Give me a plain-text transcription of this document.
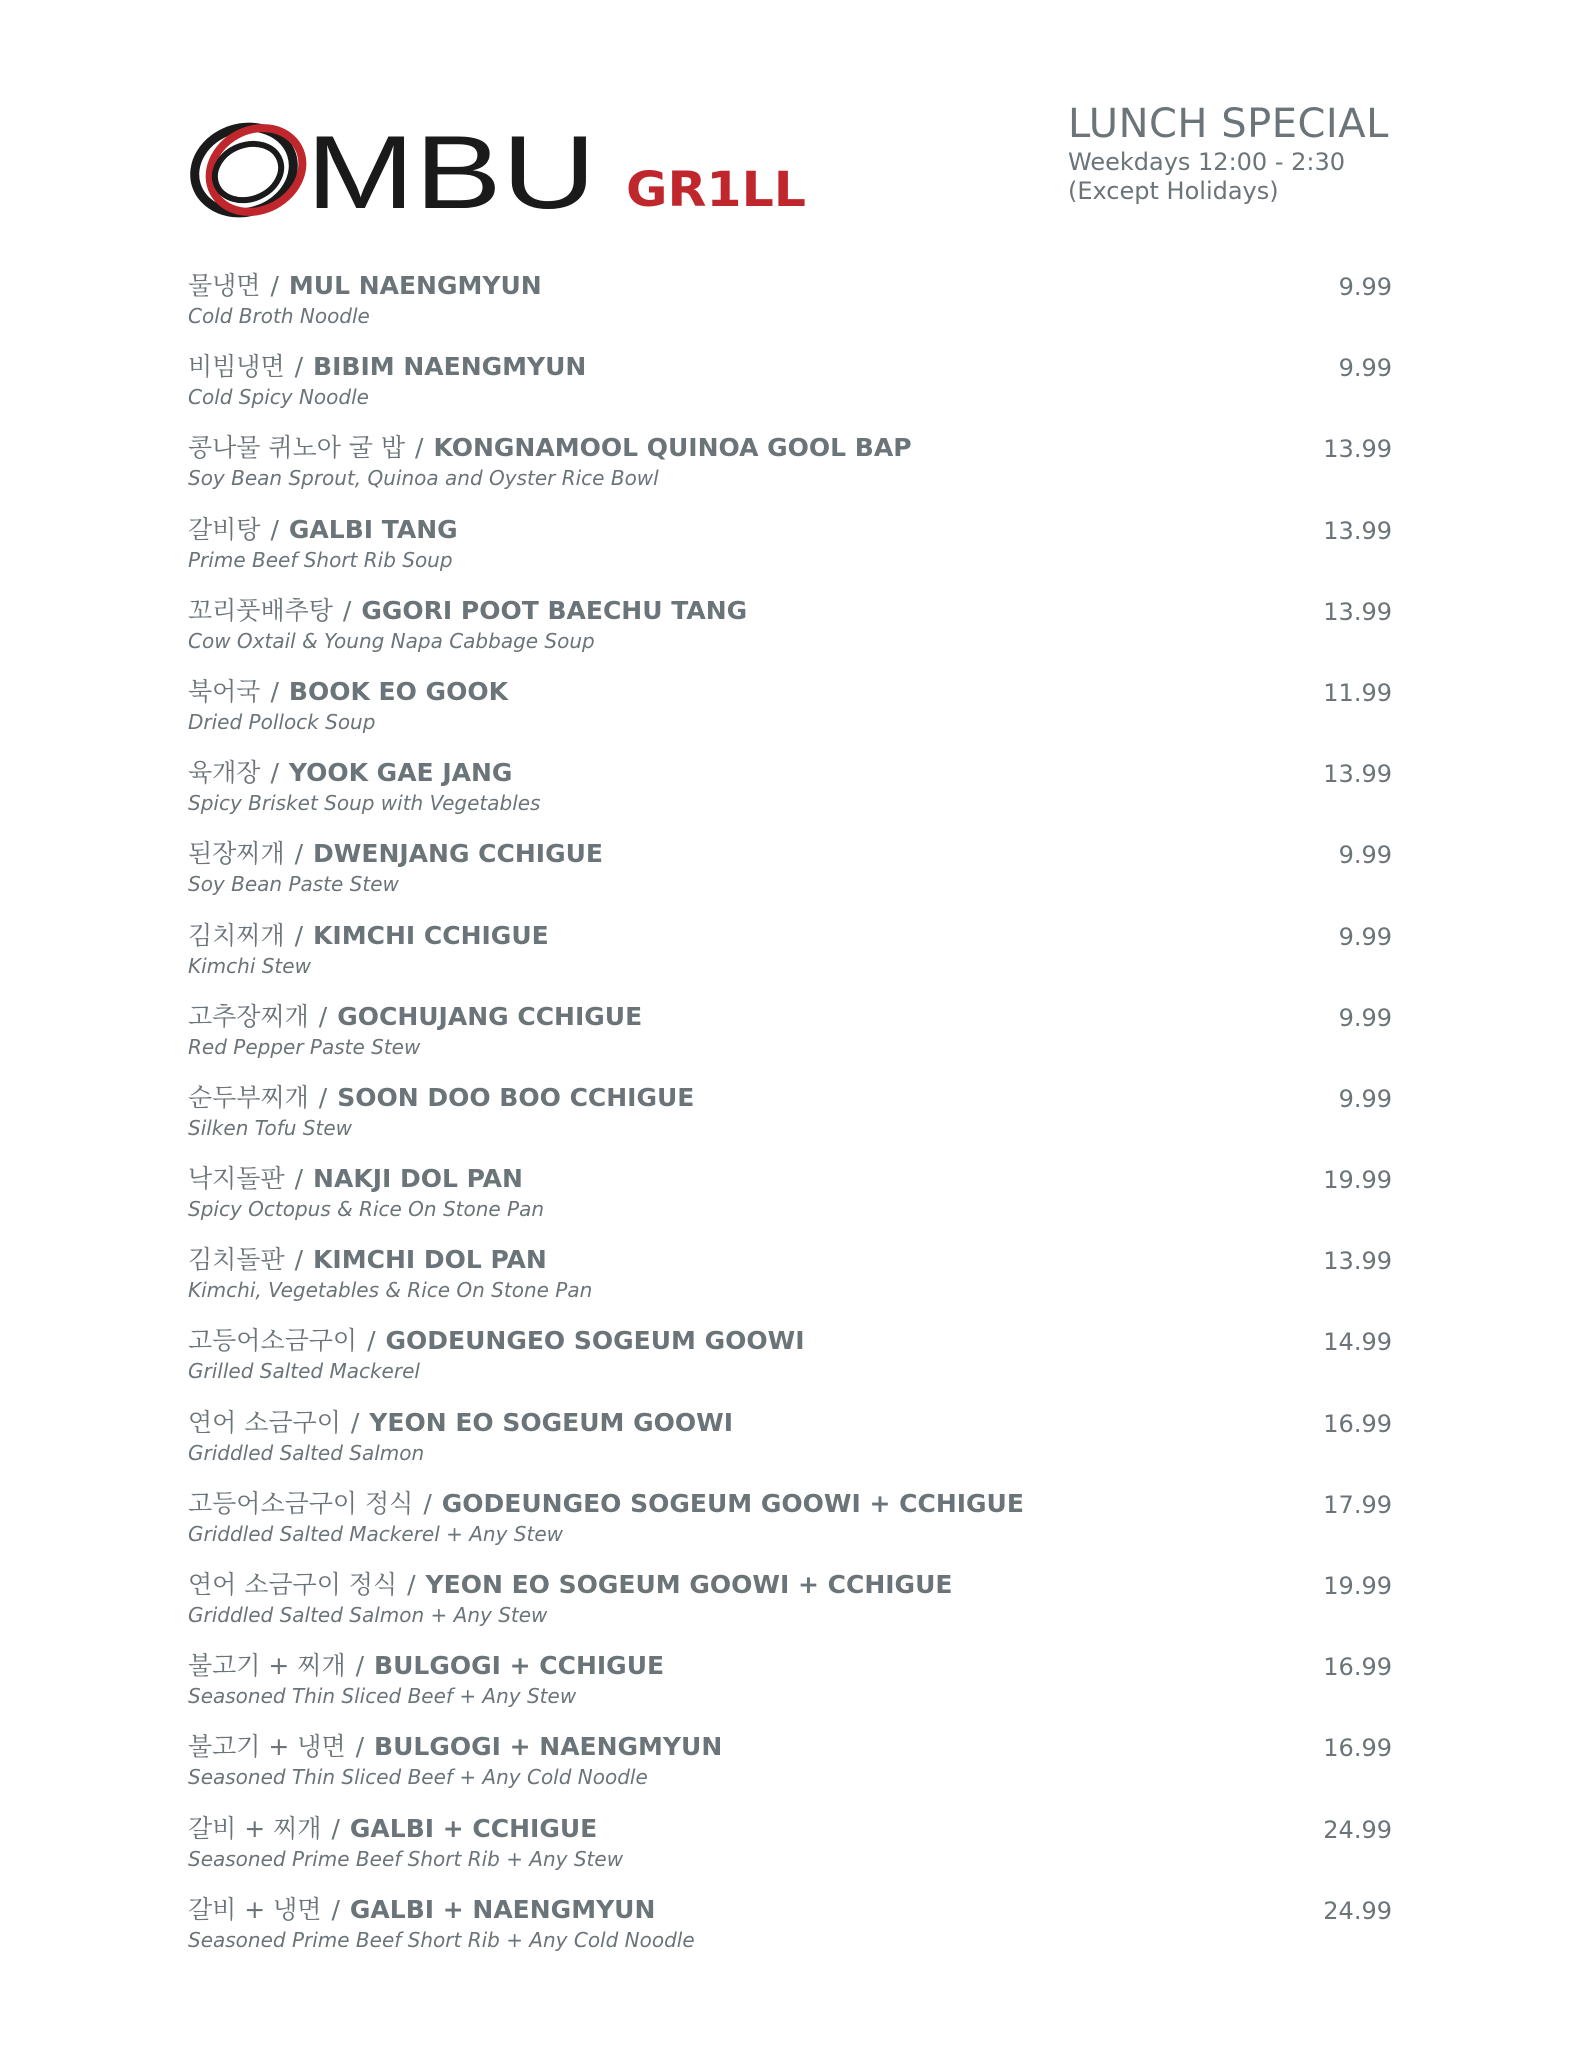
MBU GR1LL
LUNCH SPECIAL
Weekdays 12:00 - 2:30
(Except Holidays)
물냉면 / MUL NAENGMYUN
Cold Broth Noodle
9.99
비빔냉면 / BIBIM NAENGMYUN
Cold Spicy Noodle
9.99
콩나물 퀴노아 굴 밥 / KONGNAMOOL QUINOA GOOL BAP
Soy Bean Sprout, Quinoa and Oyster Rice Bowl
13.99
갈비탕 / GALBI TANG
Prime Beef Short Rib Soup
13.99
꼬리풋배추탕 / GGORI POOT BAECHU TANG
Cow Oxtail & Young Napa Cabbage Soup
13.99
북어국 / BOOK EO GOOK
Dried Pollock Soup
11.99
육개장 / YOOK GAE JANG
Spicy Brisket Soup with Vegetables
13.99
된장찌개 / DWENJANG CCHIGUE
Soy Bean Paste Stew
9.99
김치찌개 / KIMCHI CCHIGUE
Kimchi Stew
9.99
고추장찌개 / GOCHUJANG CCHIGUE
Red Pepper Paste Stew
9.99
순두부찌개 / SOON DOO BOO CCHIGUE
Silken Tofu Stew
9.99
낙지돌판 / NAKJI DOL PAN
Spicy Octopus & Rice On Stone Pan
19.99
김치돌판 / KIMCHI DOL PAN
Kimchi, Vegetables & Rice On Stone Pan
13.99
고등어소금구이 / GODEUNGEO SOGEUM GOOWI
Grilled Salted Mackerel
14.99
연어 소금구이 / YEON EO SOGEUM GOOWI
Griddled Salted Salmon
16.99
고등어소금구이 정식 / GODEUNGEO SOGEUM GOOWI + CCHIGUE
Griddled Salted Mackerel + Any Stew
17.99
연어 소금구이 정식 / YEON EO SOGEUM GOOWI + CCHIGUE
Griddled Salted Salmon + Any Stew
19.99
불고기 + 찌개 / BULGOGI + CCHIGUE
Seasoned Thin Sliced Beef + Any Stew
16.99
불고기 + 냉면 / BULGOGI + NAENGMYUN
Seasoned Thin Sliced Beef + Any Cold Noodle
16.99
갈비 + 찌개 / GALBI + CCHIGUE
Seasoned Prime Beef Short Rib + Any Stew
24.99
갈비 + 냉면 / GALBI + NAENGMYUN
Seasoned Prime Beef Short Rib + Any Cold Noodle
24.99
